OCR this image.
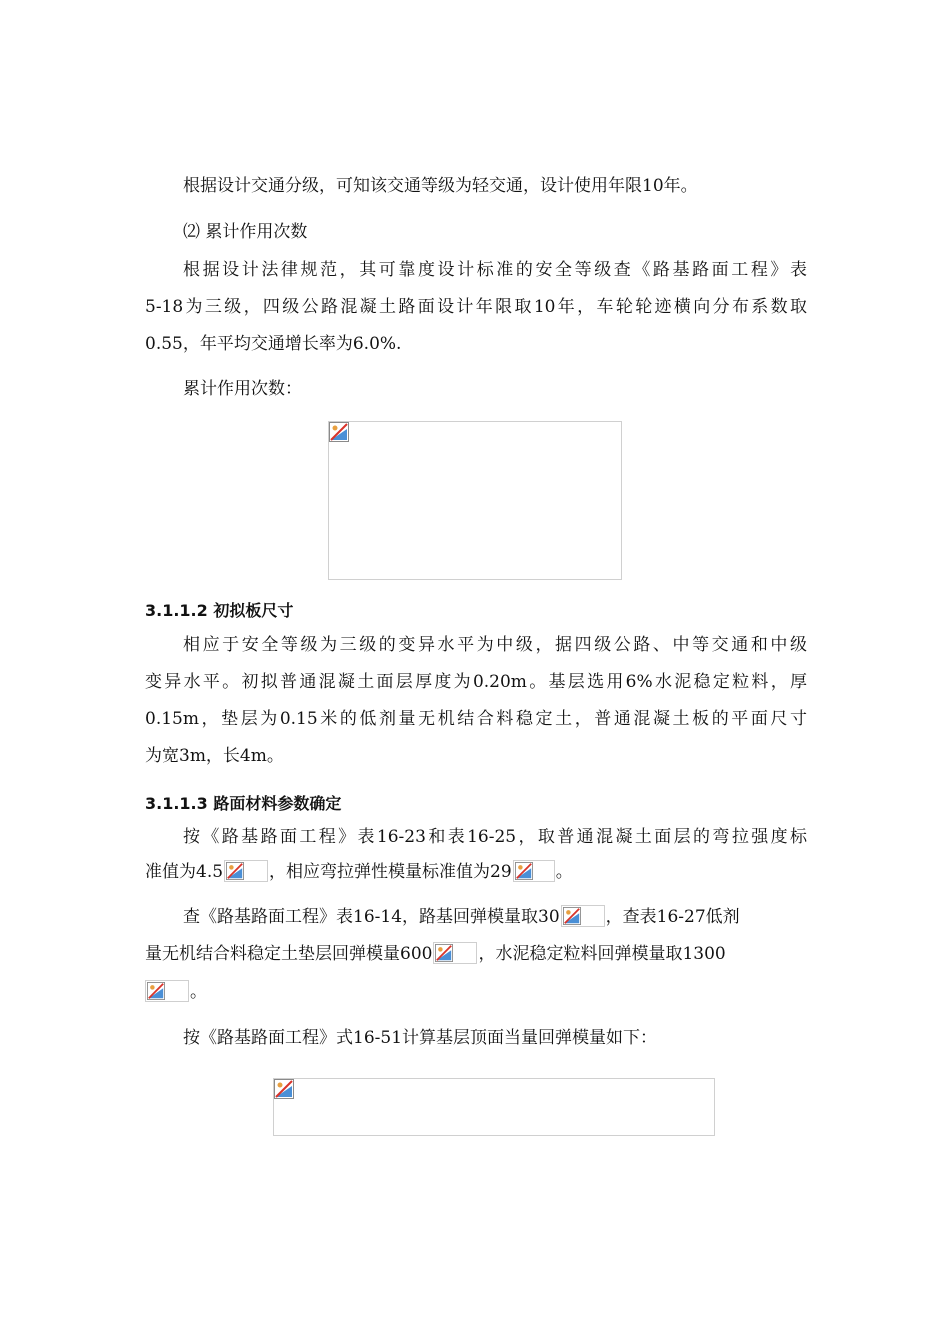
根据设计交通分级，可知该交通等级为轻交通，设计使用年限10年。
⑵ 累计作用次数
根据设计法律规范，其可靠度设计标准的安全等级查《路基路面工程》表
5-18为三级，四级公路混凝土路面设计年限取10年，车轮轮迹横向分布系数取
0.55，年平均交通增长率为6.0%.
累计作用次数：
3.1.1.2 初拟板尺寸
相应于安全等级为三级的变异水平为中级，据四级公路、中等交通和中级
变异水平。初拟普通混凝土面层厚度为0.20m。基层选用6%水泥稳定粒料，厚
0.15m，垫层为0.15米的低剂量无机结合料稳定土，普通混凝土板的平面尺寸
为宽3m，长4m。
3.1.1.3 路面材料参数确定
按《路基路面工程》表16-23和表16-25，取普通混凝土面层的弯拉强度标
准值为4.5	，相应弯拉弹性模量标准值为29	。
查《路基路面工程》表16-14，路基回弹模量取30	，查表16-27低剂
量无机结合料稳定土垫层回弹模量600	，水泥稳定粒料回弹模量取1300
。
按《路基路面工程》式16-51计算基层顶面当量回弹模量如下：
